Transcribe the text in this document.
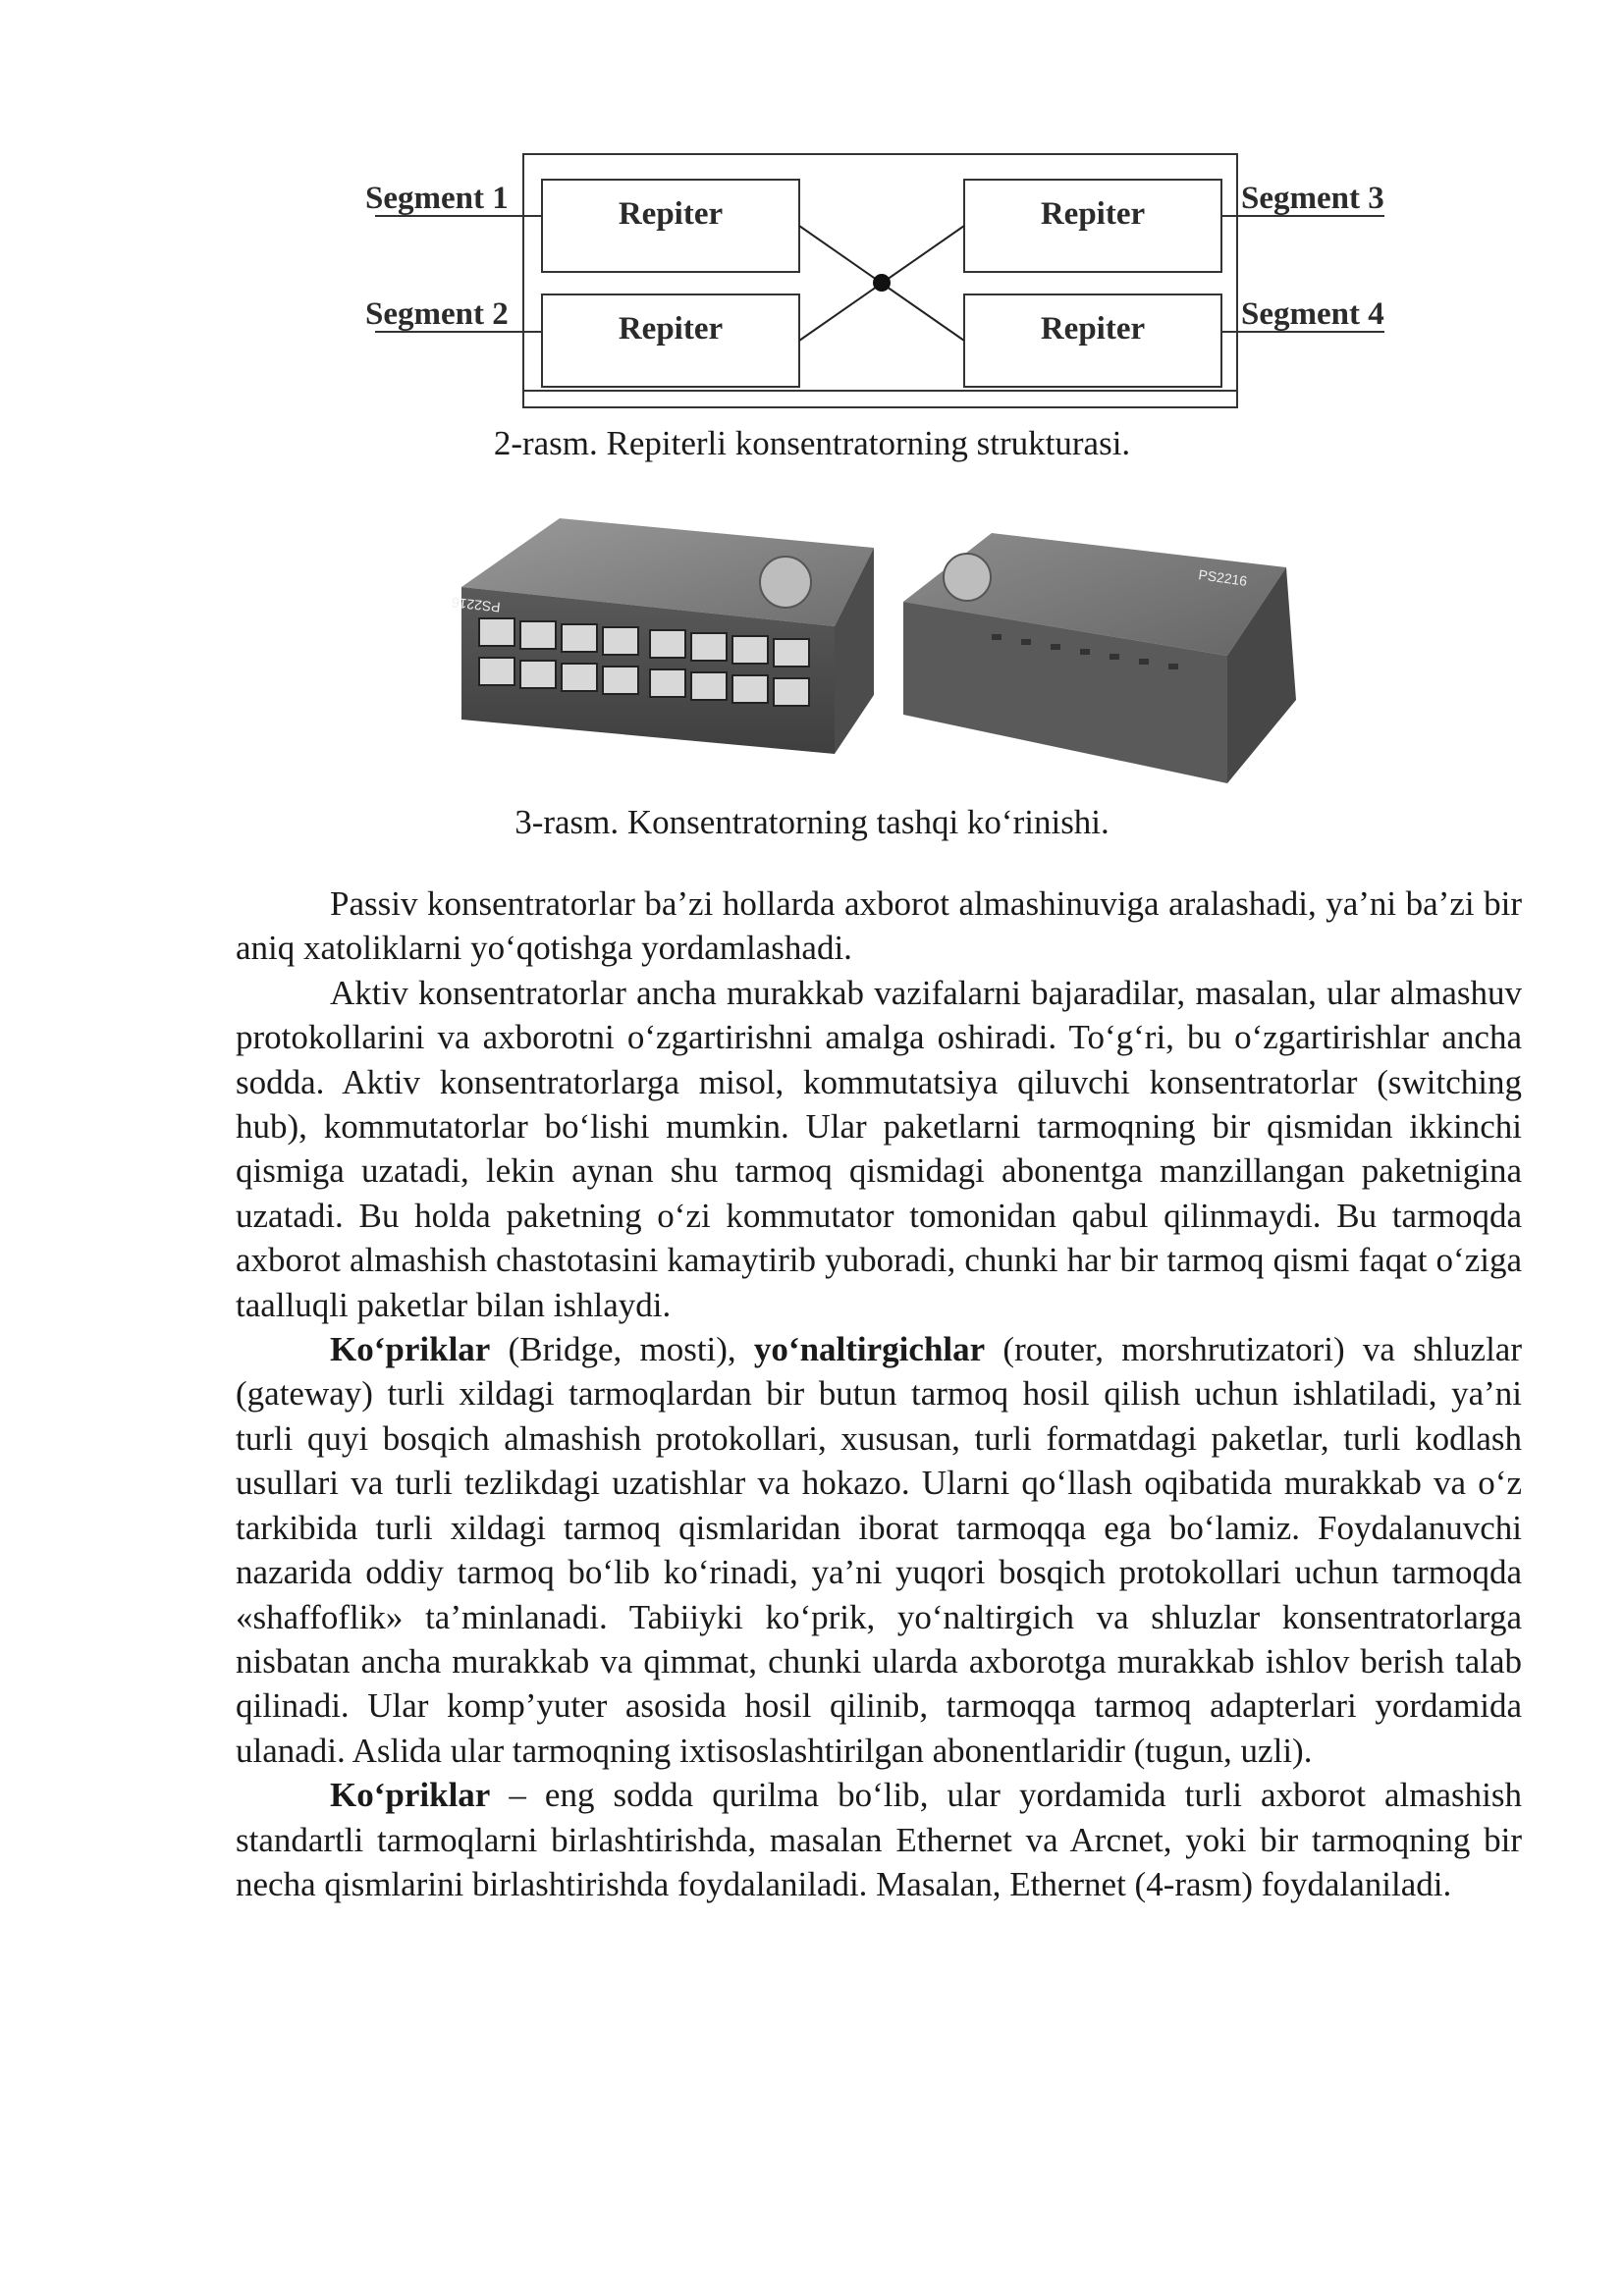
Segment 1
Segment 2
Segment 3
Segment 4
Repiter
Repiter
Repiter
Repiter
2-rasm. Repiterli konsentratorning strukturasi.
PS2216
PS2216
3-rasm. Konsentratorning tashqi ko‘rinishi.

Passiv konsentratorlar ba’zi hollarda axborot almashinuviga aralashadi, ya’ni ba’zi bir aniq xatoliklarni yo‘qotishga yordamlashadi.

Aktiv konsentratorlar ancha murakkab vazifalarni bajaradilar, masalan, ular almashuv protokollarini va axborotni o‘zgartirishni amalga oshiradi. To‘g‘ri, bu o‘zgartirishlar ancha sodda. Aktiv konsentratorlarga misol, kommutatsiya qiluvchi konsentratorlar (switching hub), kommutatorlar bo‘lishi mumkin. Ular paketlarni tarmoqning bir qismidan ikkinchi qismiga uzatadi, lekin aynan shu tarmoq qismidagi abonentga manzillangan paketnigina uzatadi. Bu holda paketning o‘zi kommutator tomonidan qabul qilinmaydi. Bu tarmoqda axborot almashish chastotasini kamaytirib yuboradi, chunki har bir tarmoq qismi faqat o‘ziga taalluqli paketlar bilan ishlaydi.

Ko‘priklar (Bridge, mosti), yo‘naltirgichlar (router, morshrutizatori) va shluzlar (gateway) turli xildagi tarmoqlardan bir butun tarmoq hosil qilish uchun ishlatiladi, ya’ni turli quyi bosqich almashish protokollari, xususan, turli formatdagi paketlar, turli kodlash usullari va turli tezlikdagi uzatishlar va hokazo. Ularni qo‘llash oqibatida murakkab va o‘z tarkibida turli xildagi tarmoq qismlaridan iborat tarmoqqa ega bo‘lamiz. Foydalanuvchi nazarida oddiy tarmoq bo‘lib ko‘rinadi, ya’ni yuqori bosqich protokollari uchun tarmoqda «shaffoflik» ta’minlanadi. Tabiiyki ko‘prik, yo‘naltirgich va shluzlar konsentratorlarga nisbatan ancha murakkab va qimmat, chunki ularda axborotga murakkab ishlov berish talab qilinadi. Ular komp’yuter asosida hosil qilinib, tarmoqqa tarmoq adapterlari yordamida ulanadi. Aslida ular tarmoqning ixtisoslashtirilgan abonentlaridir (tugun, uzli).

Ko‘priklar – eng sodda qurilma bo‘lib, ular yordamida turli axborot almashish standartli tarmoqlarni birlashtirishda, masalan Ethernet va Arcnet, yoki bir tarmoqning bir necha qismlarini birlashtirishda foydalaniladi. Masalan, Ethernet (4-rasm) foydalaniladi.
